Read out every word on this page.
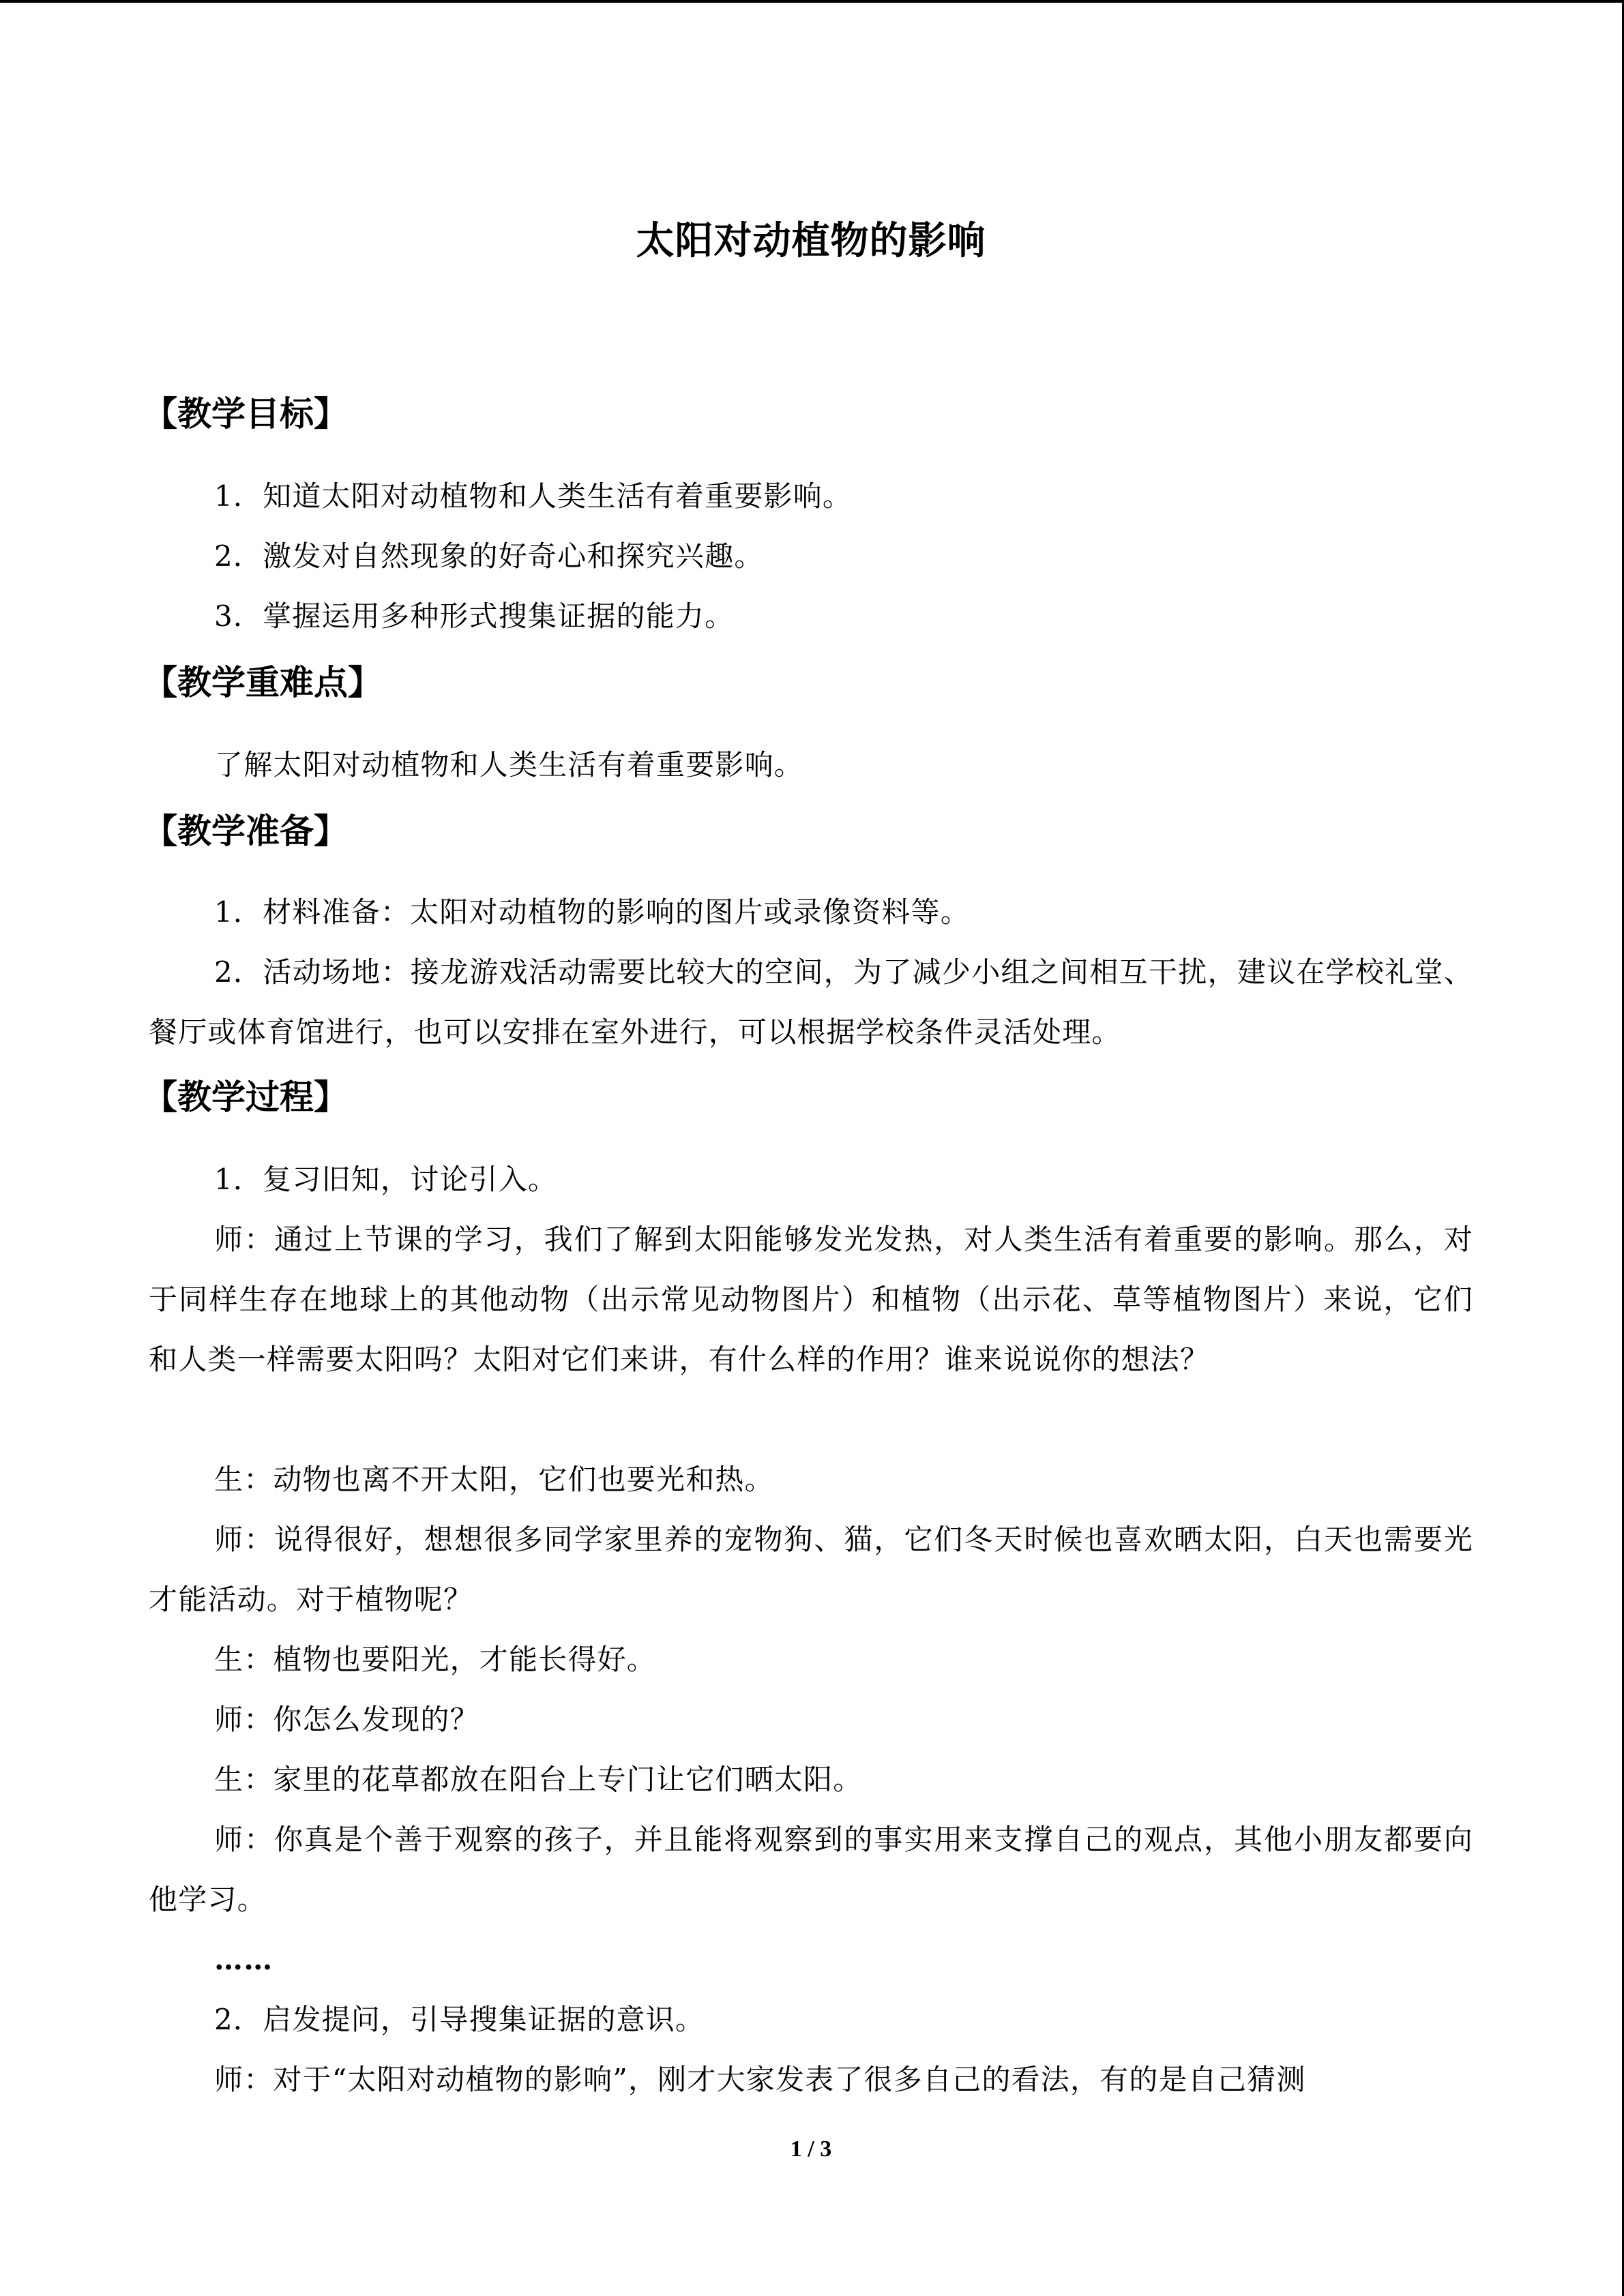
太阳对动植物的影响
【教学目标】
1．知道太阳对动植物和人类生活有着重要影响。
2．激发对自然现象的好奇心和探究兴趣。
3．掌握运用多种形式搜集证据的能力。
【教学重难点】
了解太阳对动植物和人类生活有着重要影响。
【教学准备】
1．材料准备：太阳对动植物的影响的图片或录像资料等。
2．活动场地：接龙游戏活动需要比较大的空间，为了减少小组之间相互干扰，建议在学校礼堂、餐厅或体育馆进行，也可以安排在室外进行，可以根据学校条件灵活处理。
【教学过程】
1．复习旧知，讨论引入。
师：通过上节课的学习，我们了解到太阳能够发光发热，对人类生活有着重要的影响。那么，对于同样生存在地球上的其他动物（出示常见动物图片）和植物（出示花、草等植物图片）来说，它们和人类一样需要太阳吗？太阳对它们来讲，有什么样的作用？谁来说说你的想法？
生：动物也离不开太阳，它们也要光和热。
师：说得很好，想想很多同学家里养的宠物狗、猫，它们冬天时候也喜欢晒太阳，白天也需要光才能活动。对于植物呢？
生：植物也要阳光，才能长得好。
师：你怎么发现的？
生：家里的花草都放在阳台上专门让它们晒太阳。
师：你真是个善于观察的孩子，并且能将观察到的事实用来支撑自己的观点，其他小朋友都要向他学习。
……
2．启发提问，引导搜集证据的意识。
师：对于“太阳对动植物的影响”，刚才大家发表了很多自己的看法，有的是自己猜测
1 / 3
